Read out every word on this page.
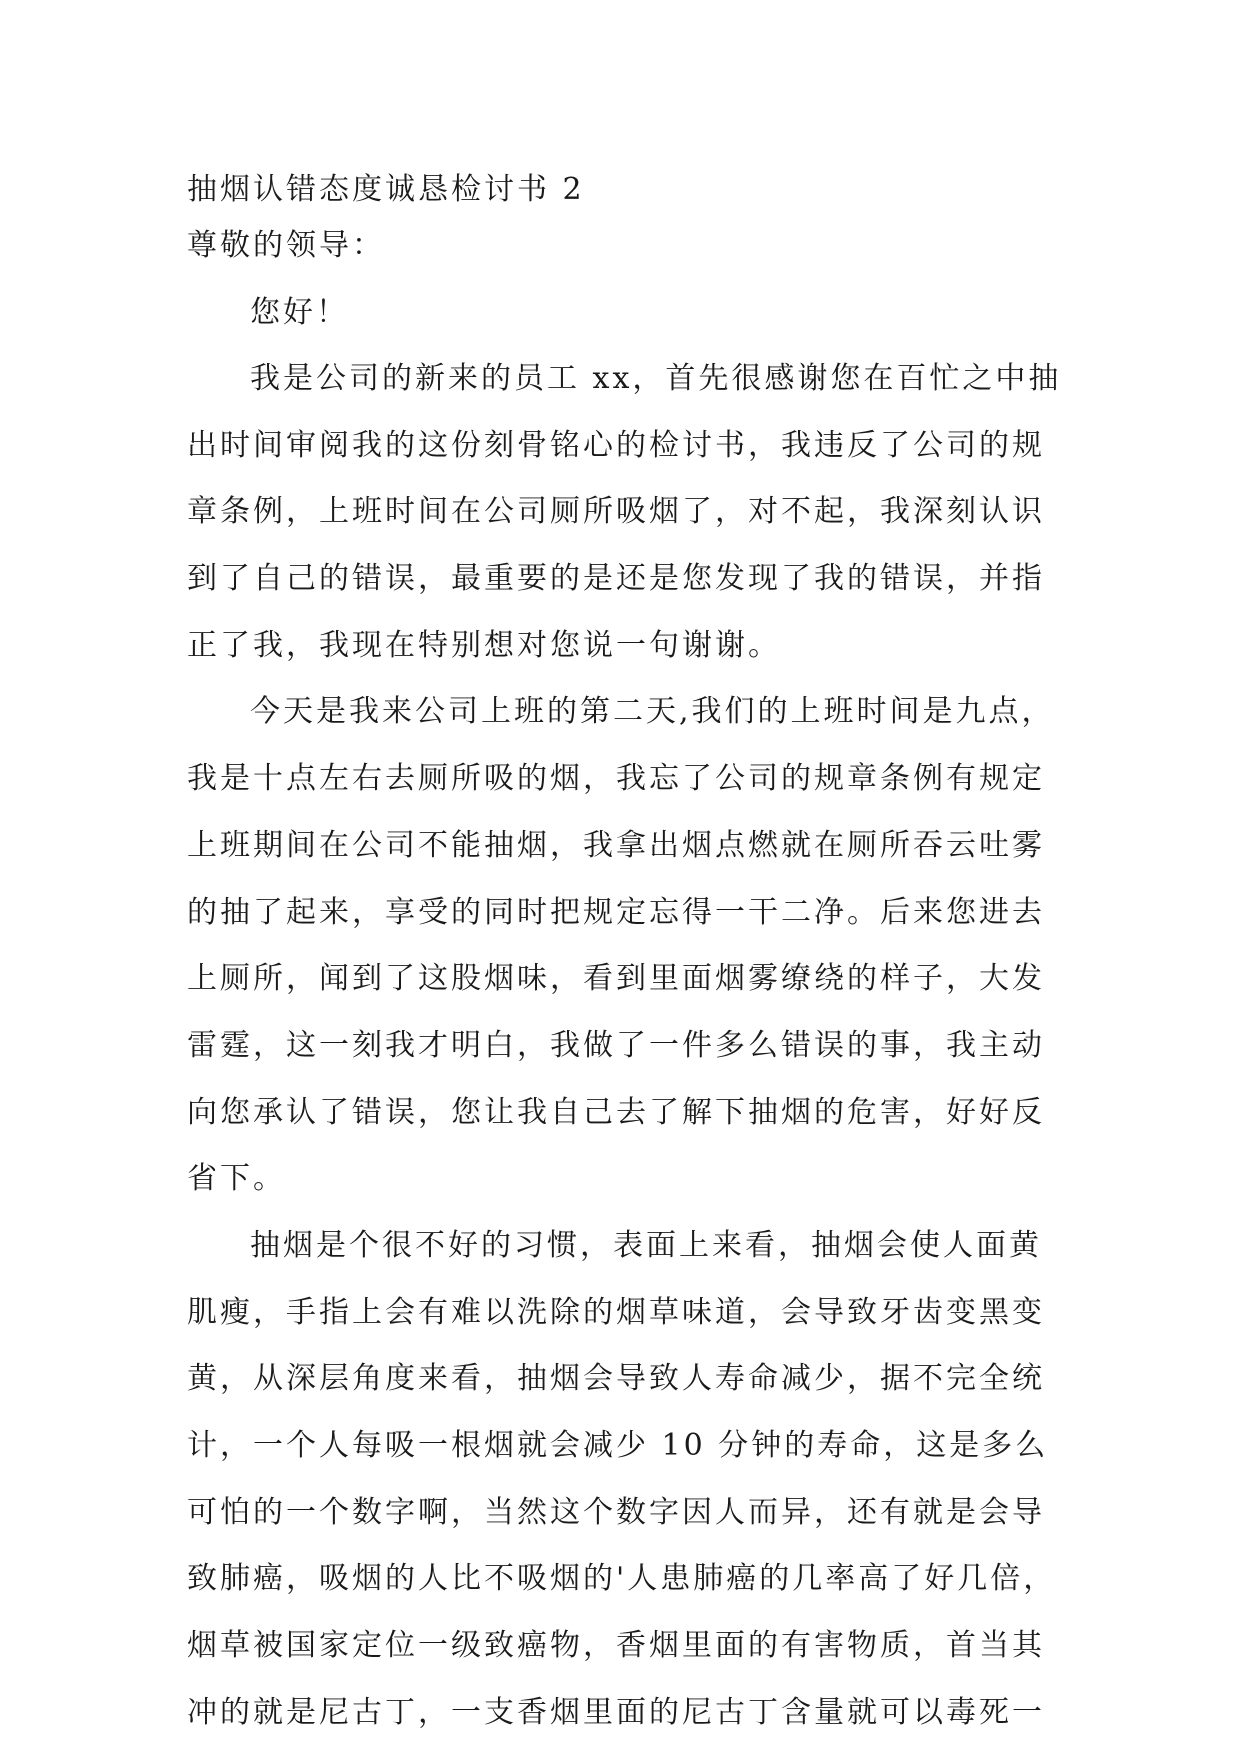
抽烟认错态度诚恳检讨书 2

尊敬的领导：

您好！

我是公司的新来的员工 xx，首先很感谢您在百忙之中抽
出时间审阅我的这份刻骨铭心的检讨书，我违反了公司的规
章条例，上班时间在公司厕所吸烟了，对不起，我深刻认识
到了自己的错误，最重要的是还是您发现了我的错误，并指
正了我，我现在特别想对您说一句谢谢。
今天是我来公司上班的第二天,我们的上班时间是九点，
我是十点左右去厕所吸的烟，我忘了公司的规章条例有规定
上班期间在公司不能抽烟，我拿出烟点燃就在厕所吞云吐雾
的抽了起来，享受的同时把规定忘得一干二净。后来您进去
上厕所，闻到了这股烟味，看到里面烟雾缭绕的样子，大发
雷霆，这一刻我才明白，我做了一件多么错误的事，我主动
向您承认了错误，您让我自己去了解下抽烟的危害，好好反
省下。
抽烟是个很不好的习惯，表面上来看，抽烟会使人面黄
肌瘦，手指上会有难以洗除的烟草味道，会导致牙齿变黑变
黄，从深层角度来看，抽烟会导致人寿命减少，据不完全统
计，一个人每吸一根烟就会减少 10 分钟的寿命，这是多么
可怕的一个数字啊，当然这个数字因人而异，还有就是会导
致肺癌，吸烟的人比不吸烟的'人患肺癌的几率高了好几倍，
烟草被国家定位一级致癌物，香烟里面的有害物质，首当其
冲的就是尼古丁，一支香烟里面的尼古丁含量就可以毒死一
